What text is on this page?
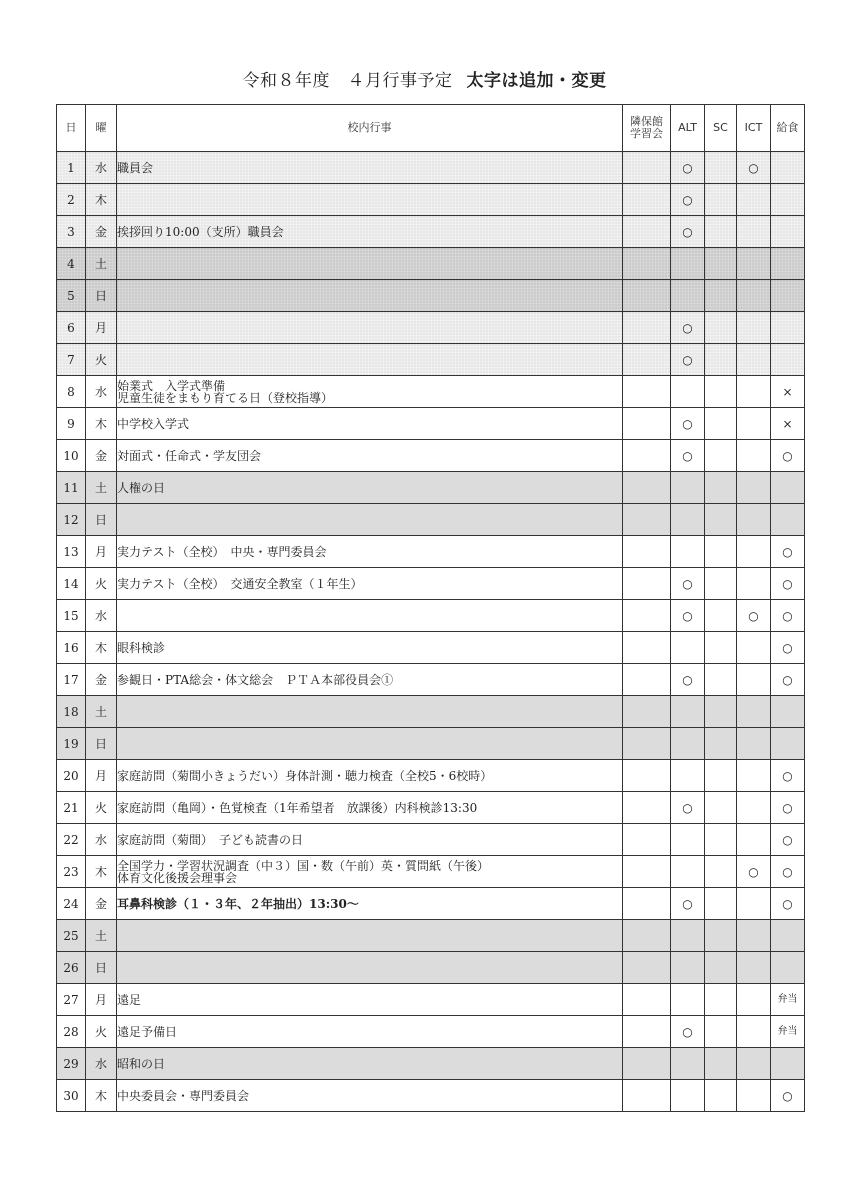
令和８年度　４月行事予定 太字は追加・変更
日	曜	校内行事	隣保館
学習会	ALT	SC	ICT	給食
1	水	職員会		○		○	
2	木			○			
3	金	挨拶回り10:00（支所）職員会		○			
4	土						
5	日						
6	月			○			
7	火			○			
8	水	始業式　入学式準備
児童生徒をまもり育てる日（登校指導）					×
9	木	中学校入学式		○			×
10	金	対面式・任命式・学友団会		○			○
11	土	人権の日					
12	日						
13	月	実力テスト（全校）　中央・専門委員会					○
14	火	実力テスト（全校）　交通安全教室（１年生）		○			○
15	水			○		○	○
16	木	眼科検診					○
17	金	参観日・PTA総会・体文総会　ＰＴＡ本部役員会①		○			○
18	土						
19	日						
20	月	家庭訪問（菊間小きょうだい）身体計測・聴力検査（全校5・6校時）					○
21	火	家庭訪問（亀岡）・色覚検査（1年希望者　放課後）内科検診13:30		○			○
22	水	家庭訪問（菊間）　子ども読書の日					○
23	木	全国学力・学習状況調査（中３）国・数（午前）英・質問紙（午後）
体育文化後援会理事会				○	○
24	金	耳鼻科検診（１・３年、２年抽出）13:30〜		○			○
25	土						
26	日						
27	月	遠足					弁当
28	火	遠足予備日		○			弁当
29	水	昭和の日					
30	木	中央委員会・専門委員会					○
